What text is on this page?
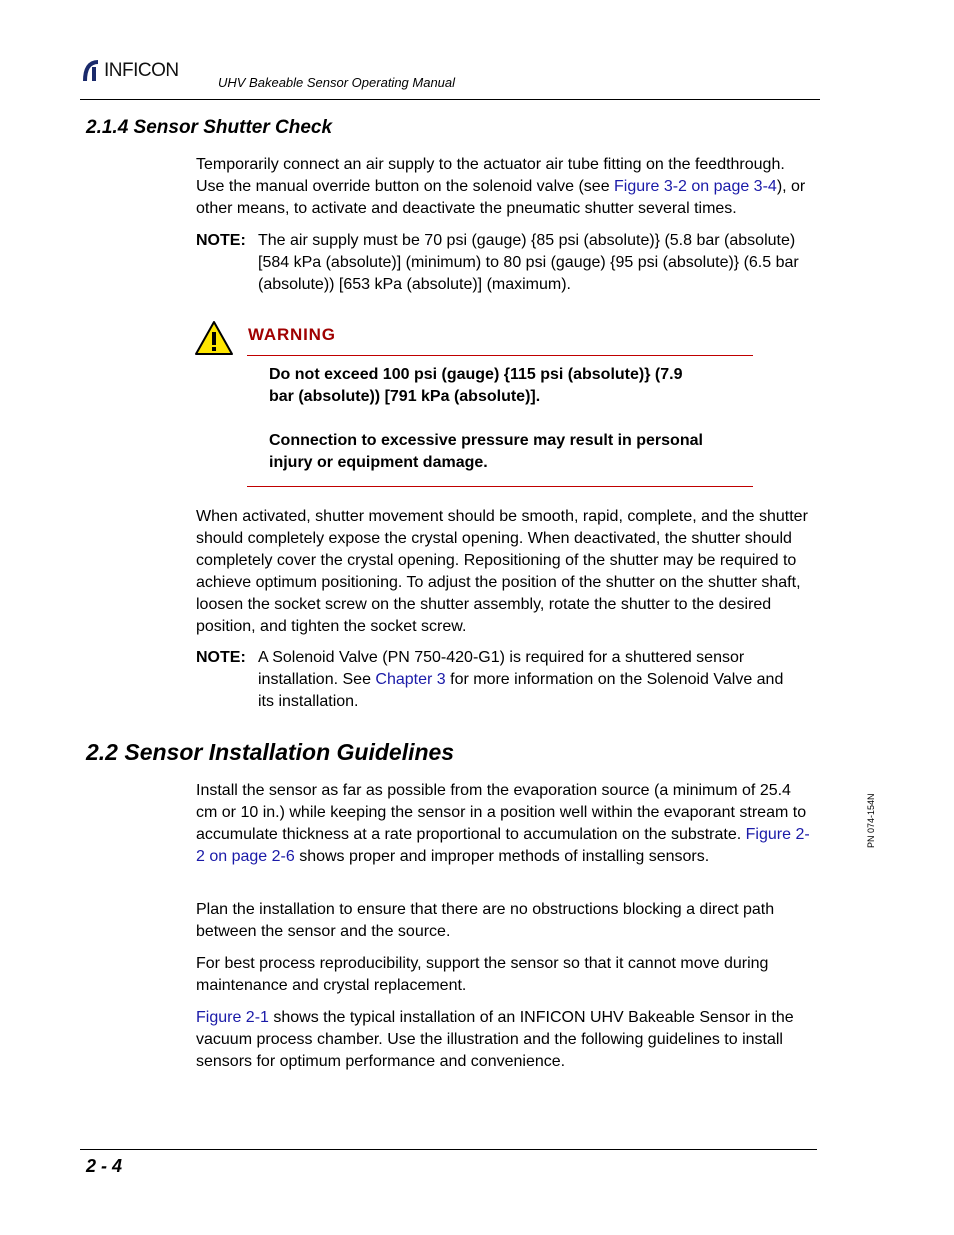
INFICON
UHV Bakeable Sensor Operating Manual
2.1.4 Sensor Shutter Check

Temporarily connect an air supply to the actuator air tube fitting on the feedthrough. Use the manual override button on the solenoid valve (see Figure 3-2 on page 3-4), or other means, to activate and deactivate the pneumatic shutter several times.

NOTE: The air supply must be 70 psi (gauge) {85 psi (absolute)} (5.8 bar (absolute) [584 kPa (absolute)] (minimum) to 80 psi (gauge) {95 psi (absolute)} (6.5 bar (absolute)) [653 kPa (absolute)] (maximum).

WARNING

Do not exceed 100 psi (gauge) {115 psi (absolute)} (7.9 bar (absolute)) [791 kPa (absolute)].

Connection to excessive pressure may result in personal injury or equipment damage.

When activated, shutter movement should be smooth, rapid, complete, and the shutter should completely expose the crystal opening. When deactivated, the shutter should completely cover the crystal opening. Repositioning of the shutter may be required to achieve optimum positioning. To adjust the position of the shutter on the shutter shaft, loosen the socket screw on the shutter assembly, rotate the shutter to the desired position, and tighten the socket screw.

NOTE: A Solenoid Valve (PN 750-420-G1) is required for a shuttered sensor installation. See Chapter 3 for more information on the Solenoid Valve and its installation.

2.2 Sensor Installation Guidelines

Install the sensor as far as possible from the evaporation source (a minimum of 25.4 cm or 10 in.) while keeping the sensor in a position well within the evaporant stream to accumulate thickness at a rate proportional to accumulation on the substrate. Figure 2-2 on page 2-6 shows proper and improper methods of installing sensors.

Plan the installation to ensure that there are no obstructions blocking a direct path between the sensor and the source.

For best process reproducibility, support the sensor so that it cannot move during maintenance and crystal replacement.

Figure 2-1 shows the typical installation of an INFICON UHV Bakeable Sensor in the vacuum process chamber. Use the illustration and the following guidelines to install sensors for optimum performance and convenience.

PN 074-154N
2 - 4
